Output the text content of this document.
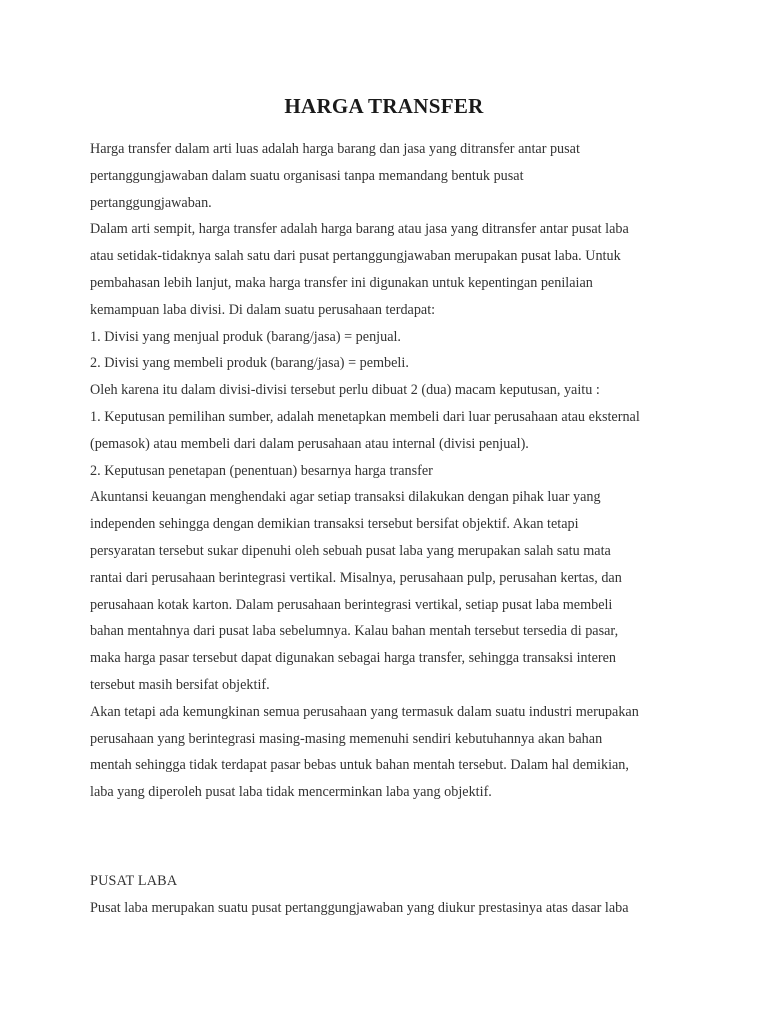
HARGA TRANSFER
Harga transfer dalam arti luas adalah harga barang dan jasa yang ditransfer antar pusat
pertanggungjawaban dalam suatu organisasi tanpa memandang bentuk pusat
pertanggungjawaban.
Dalam arti sempit, harga transfer adalah harga barang atau jasa yang ditransfer antar pusat laba
atau setidak-tidaknya salah satu dari pusat pertanggungjawaban merupakan pusat laba. Untuk
pembahasan lebih lanjut, maka harga transfer ini digunakan untuk kepentingan penilaian
kemampuan laba divisi. Di dalam suatu perusahaan terdapat:
1. Divisi yang menjual produk (barang/jasa) = penjual.
2. Divisi yang membeli produk (barang/jasa) = pembeli.
Oleh karena itu dalam divisi-divisi tersebut perlu dibuat 2 (dua) macam keputusan, yaitu :
1. Keputusan pemilihan sumber, adalah menetapkan membeli dari luar perusahaan atau eksternal
(pemasok) atau membeli dari dalam perusahaan atau internal (divisi penjual).
2. Keputusan penetapan (penentuan) besarnya harga transfer
Akuntansi keuangan menghendaki agar setiap transaksi dilakukan dengan pihak luar yang
independen sehingga dengan demikian transaksi tersebut bersifat objektif. Akan tetapi
persyaratan tersebut sukar dipenuhi oleh sebuah pusat laba yang merupakan salah satu mata
rantai dari perusahaan berintegrasi vertikal. Misalnya, perusahaan pulp, perusahan kertas, dan
perusahaan kotak karton. Dalam perusahaan berintegrasi vertikal, setiap pusat laba membeli
bahan mentahnya dari pusat laba sebelumnya. Kalau bahan mentah tersebut tersedia di pasar,
maka harga pasar tersebut dapat digunakan sebagai harga transfer, sehingga transaksi interen
tersebut masih bersifat objektif.
Akan tetapi ada kemungkinan semua perusahaan yang termasuk dalam suatu industri merupakan
perusahaan yang berintegrasi masing-masing memenuhi sendiri kebutuhannya akan bahan
mentah sehingga tidak terdapat pasar bebas untuk bahan mentah tersebut. Dalam hal demikian,
laba yang diperoleh pusat laba tidak mencerminkan laba yang objektif.
PUSAT LABA
Pusat laba merupakan suatu pusat pertanggungjawaban yang diukur prestasinya atas dasar laba
